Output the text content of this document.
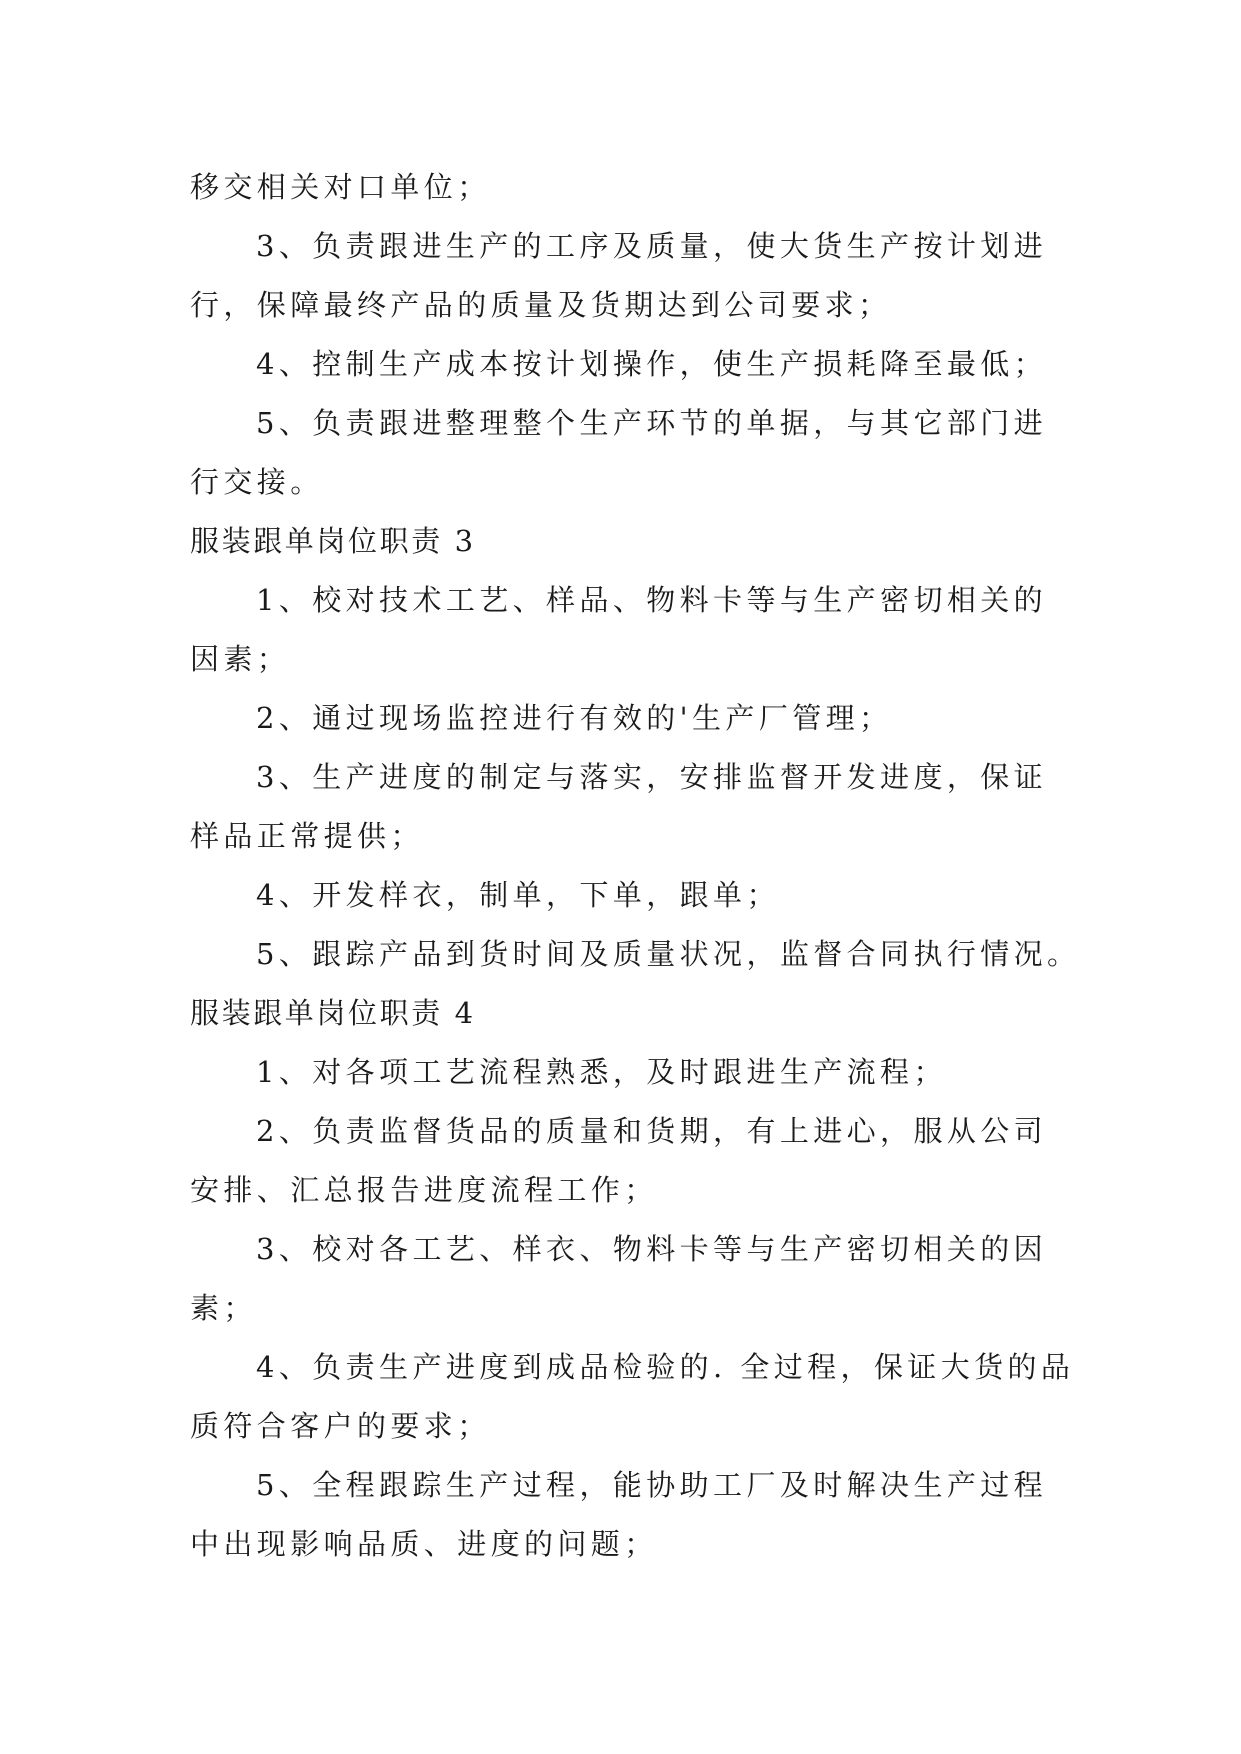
移交相关对口单位；
3、负责跟进生产的工序及质量，使大货生产按计划进
行，保障最终产品的质量及货期达到公司要求；
4、控制生产成本按计划操作，使生产损耗降至最低；
5、负责跟进整理整个生产环节的单据，与其它部门进
行交接。
服装跟单岗位职责 3
1、校对技术工艺、样品、物料卡等与生产密切相关的
因素；
2、通过现场监控进行有效的'生产厂管理；
3、生产进度的制定与落实，安排监督开发进度，保证
样品正常提供；
4、开发样衣，制单，下单，跟单；
5、跟踪产品到货时间及质量状况，监督合同执行情况。
服装跟单岗位职责 4
1、对各项工艺流程熟悉，及时跟进生产流程；
2、负责监督货品的质量和货期，有上进心，服从公司
安排、汇总报告进度流程工作；
3、校对各工艺、样衣、物料卡等与生产密切相关的因
素；
4、负责生产进度到成品检验的. 全过程，保证大货的品
质符合客户的要求；
5、全程跟踪生产过程，能协助工厂及时解决生产过程
中出现影响品质、进度的问题；
